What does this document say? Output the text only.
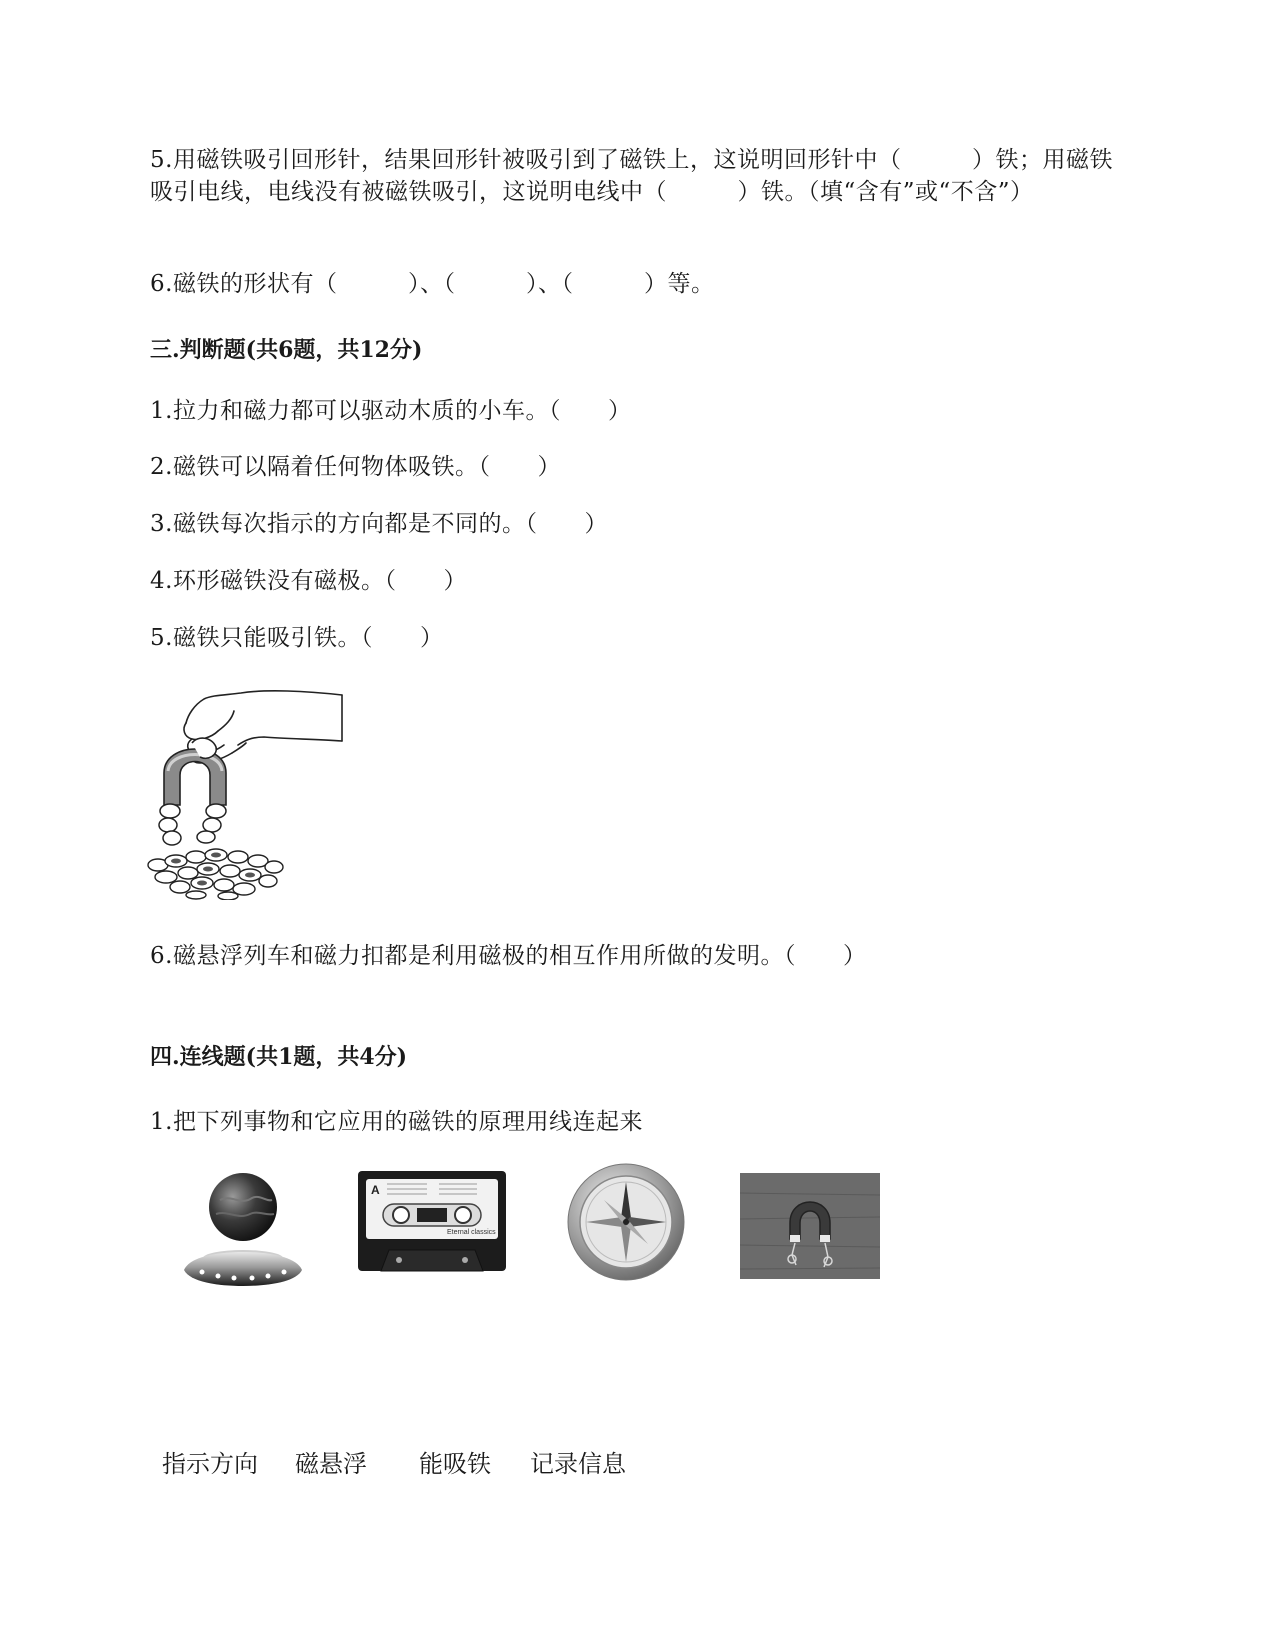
5.用磁铁吸引回形针，结果回形针被吸引到了磁铁上，这说明回形针中（　　　）铁；用磁铁吸引电线，电线没有被磁铁吸引，这说明电线中（　　　）铁。（填“含有”或“不含”）
6.磁铁的形状有（　　　）、（　　　）、（　　　）等。
三.判断题(共6题，共12分)
1.拉力和磁力都可以驱动木质的小车。（　　）
2.磁铁可以隔着任何物体吸铁。（　　）
3.磁铁每次指示的方向都是不同的。（　　）
4.环形磁铁没有磁极。（　　）
5.磁铁只能吸引铁。（　　）
6.磁悬浮列车和磁力扣都是利用磁极的相互作用所做的发明。（　　）
四.连线题(共1题，共4分)
1.把下列事物和它应用的磁铁的原理用线连起来
A
Eternal classics
指示方向 磁悬浮 能吸铁 记录信息
